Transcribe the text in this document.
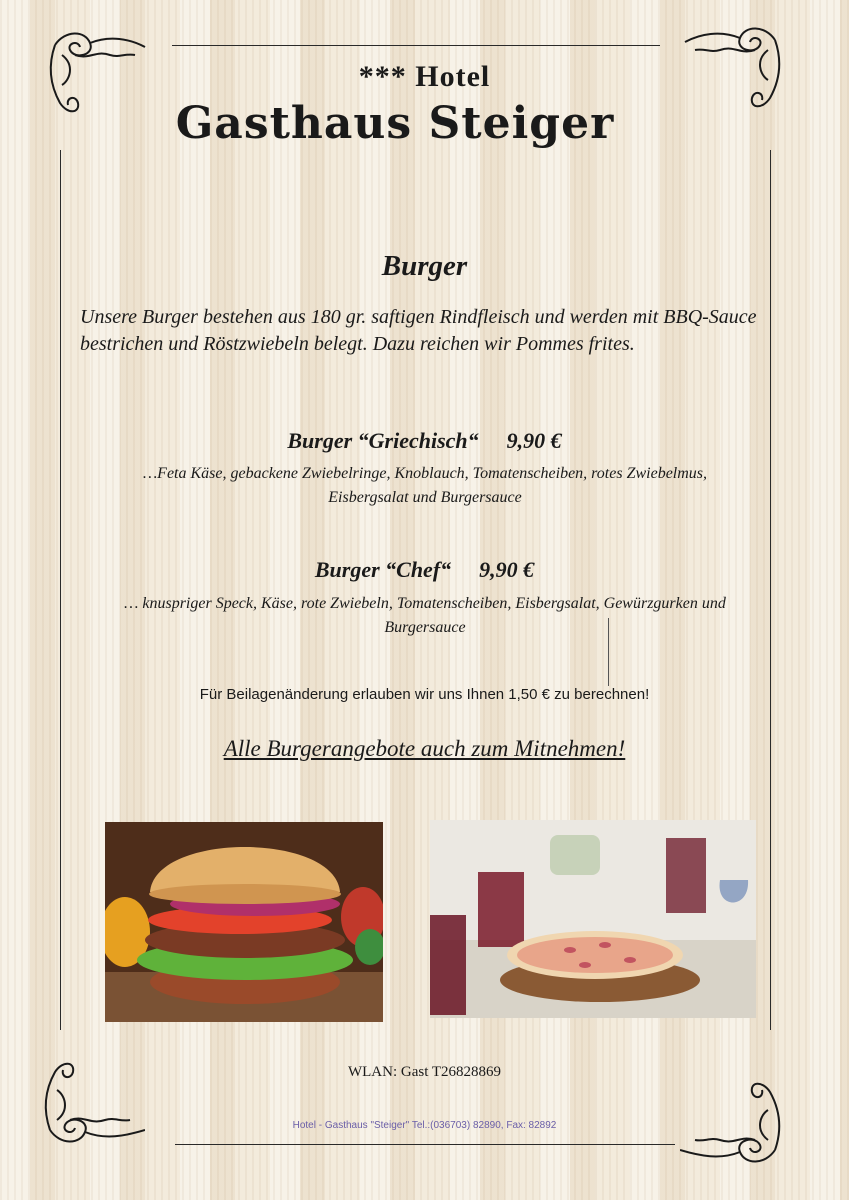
*** Hotel
Gasthaus Steiger
Burger
Unsere Burger bestehen aus 180 gr. saftigen Rindfleisch und werden mit BBQ-Sauce bestrichen und Röstzwiebeln belegt. Dazu reichen wir Pommes frites.
Burger “Griechisch“ 9,90 €
…Feta Käse, gebackene Zwiebelringe, Knoblauch, Tomatenscheiben, rotes Zwiebelmus, Eisbergsalat und Burgersauce
Burger “Chef“ 9,90 €
… knuspriger Speck, Käse, rote Zwiebeln, Tomatenscheiben, Eisbergsalat, Gewürzgurken und Burgersauce
Für Beilagenänderung erlauben wir uns Ihnen 1,50 € zu berechnen!
Alle Burgerangebote auch zum Mitnehmen!
WLAN: Gast T26828869
Hotel - Gasthaus "Steiger" Tel.:(036703) 82890, Fax: 82892
